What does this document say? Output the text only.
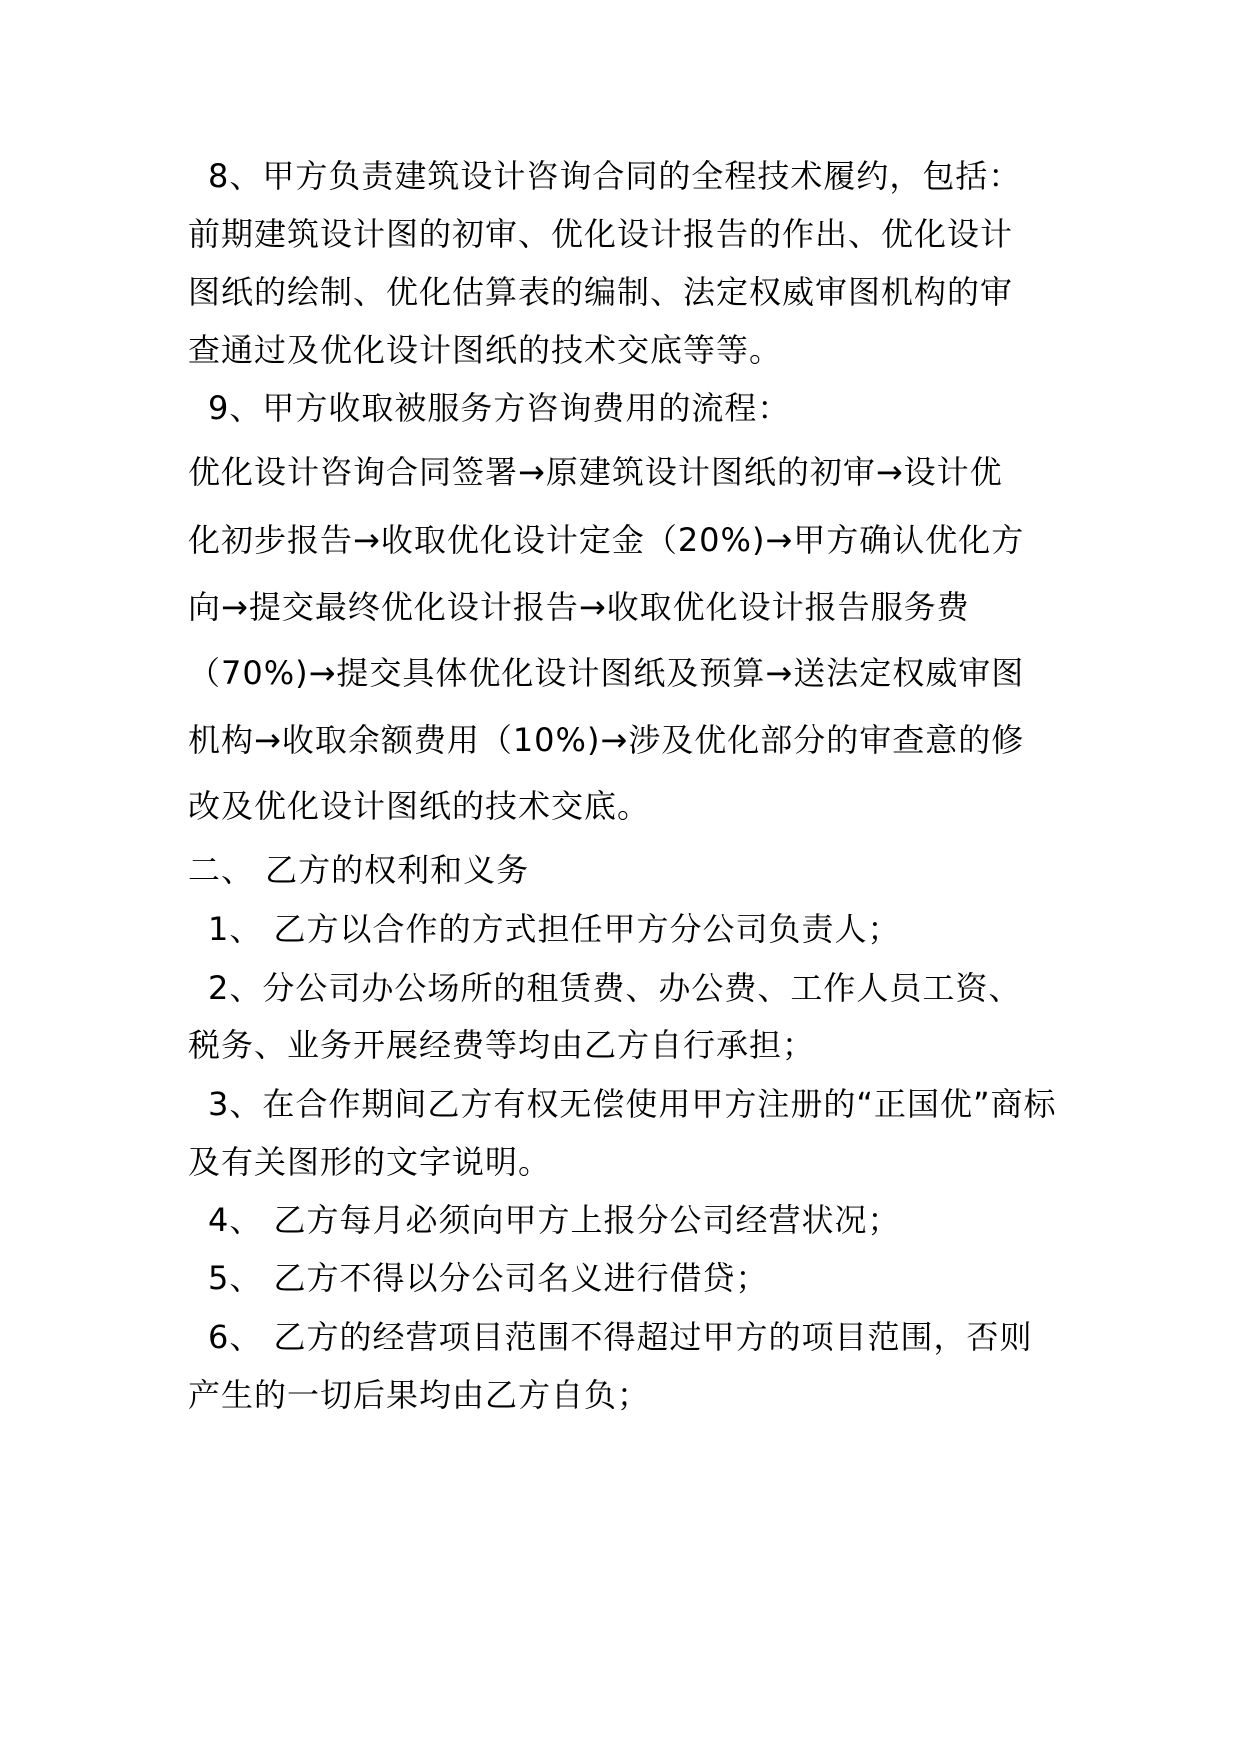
8、甲方负责建筑设计咨询合同的全程技术履约，包括：
前期建筑设计图的初审、优化设计报告的作出、优化设计
图纸的绘制、优化估算表的编制、法定权威审图机构的审
查通过及优化设计图纸的技术交底等等。
9、甲方收取被服务方咨询费用的流程：
优化设计咨询合同签署→原建筑设计图纸的初审→设计优
化初步报告→收取优化设计定金（20%)→甲方确认优化方
向→提交最终优化设计报告→收取优化设计报告服务费
（70%)→提交具体优化设计图纸及预算→送法定权威审图
机构→收取余额费用（10%)→涉及优化部分的审查意的修
改及优化设计图纸的技术交底。
二、 乙方的权利和义务
1、 乙方以合作的方式担任甲方分公司负责人；
2、分公司办公场所的租赁费、办公费、工作人员工资、
税务、业务开展经费等均由乙方自行承担；
3、在合作期间乙方有权无偿使用甲方注册的“正国优”商标
及有关图形的文字说明。
4、 乙方每月必须向甲方上报分公司经营状况；
5、 乙方不得以分公司名义进行借贷；
6、 乙方的经营项目范围不得超过甲方的项目范围，否则
产生的一切后果均由乙方自负；
